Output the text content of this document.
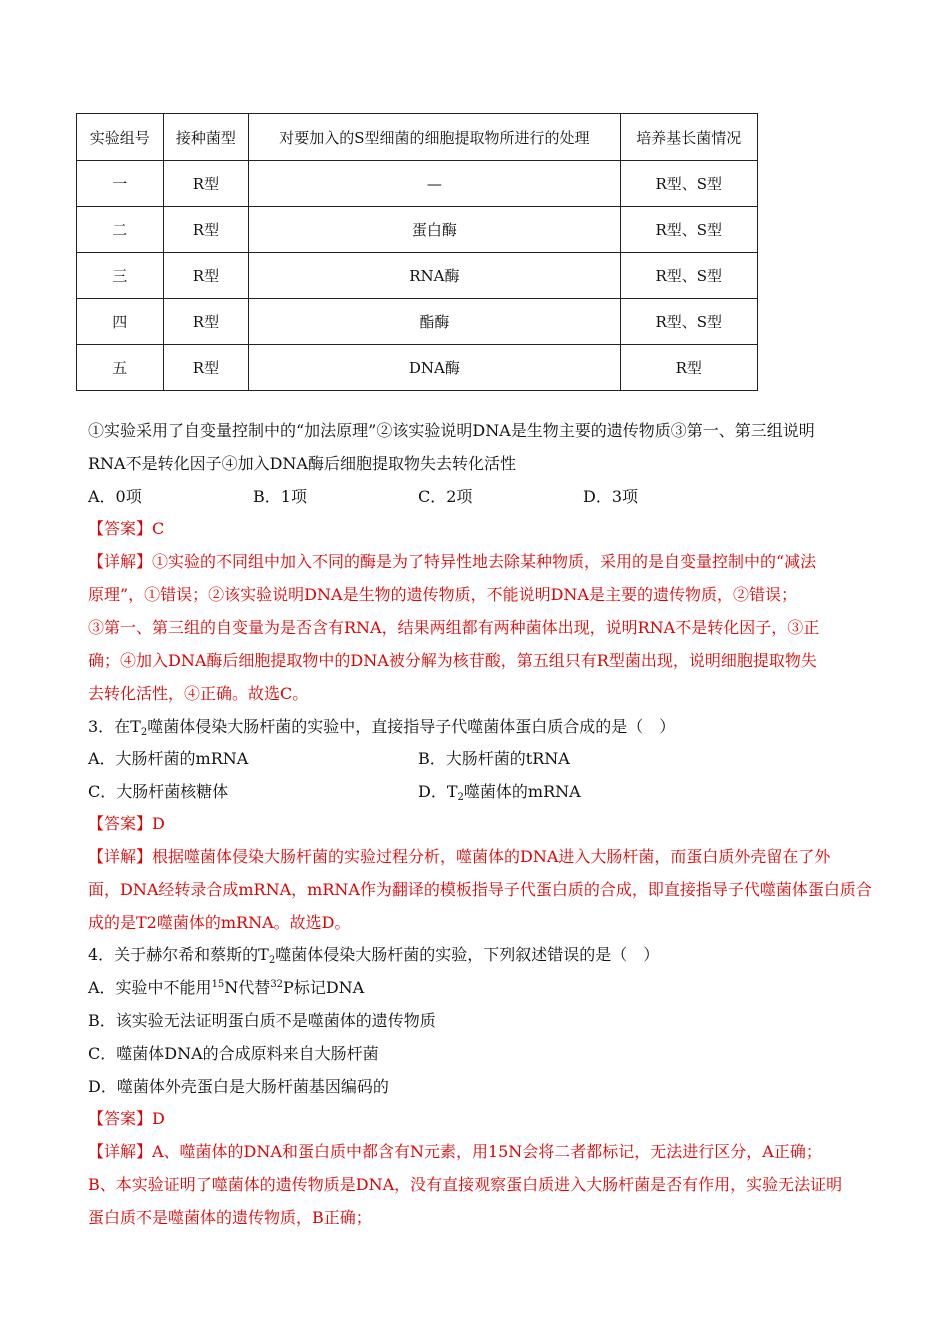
实验组号	接种菌型	对要加入的S型细菌的细胞提取物所进行的处理	培养基长菌情况
一	R型	—	R型、S型
二	R型	蛋白酶	R型、S型
三	R型	RNA酶	R型、S型
四	R型	酯酶	R型、S型
五	R型	DNA酶	R型
①实验采用了自变量控制中的“加法原理”②该实验说明DNA是生物主要的遗传物质③第一、第三组说明
RNA不是转化因子④加入DNA酶后细胞提取物失去转化活性
A．0项	B．1项	C．2项	D．3项
【答案】C
【详解】①实验的不同组中加入不同的酶是为了特异性地去除某种物质，采用的是自变量控制中的“减法
原理”，①错误；②该实验说明DNA是生物的遗传物质，不能说明DNA是主要的遗传物质，②错误；
③第一、第三组的自变量为是否含有RNA，结果两组都有两种菌体出现，说明RNA不是转化因子，③正
确；④加入DNA酶后细胞提取物中的DNA被分解为核苷酸，第五组只有R型菌出现，说明细胞提取物失
去转化活性，④正确。故选C。
3．在$T_2$噬菌体侵染大肠杆菌的实验中，直接指导子代噬菌体蛋白质合成的是（　）
A．大肠杆菌的mRNA	B．大肠杆菌的tRNA
C．大肠杆菌核糖体	D．$T_2$噬菌体的mRNA
【答案】D
【详解】根据噬菌体侵染大肠杆菌的实验过程分析，噬菌体的DNA进入大肠杆菌，而蛋白质外壳留在了外
面，DNA经转录合成mRNA，mRNA作为翻译的模板指导子代蛋白质的合成，即直接指导子代噬菌体蛋白质合
成的是T2噬菌体的mRNA。故选D。
4．关于赫尔希和蔡斯的$T_2$噬菌体侵染大肠杆菌的实验，下列叙述错误的是（　）
A．实验中不能用$^{15}$N代替$^{32}$P标记DNA
B．该实验无法证明蛋白质不是噬菌体的遗传物质
C．噬菌体DNA的合成原料来自大肠杆菌
D．噬菌体外壳蛋白是大肠杆菌基因编码的
【答案】D
【详解】A、噬菌体的DNA和蛋白质中都含有N元素，用15N会将二者都标记，无法进行区分，A正确；
B、本实验证明了噬菌体的遗传物质是DNA，没有直接观察蛋白质进入大肠杆菌是否有作用，实验无法证明
蛋白质不是噬菌体的遗传物质，B正确；
